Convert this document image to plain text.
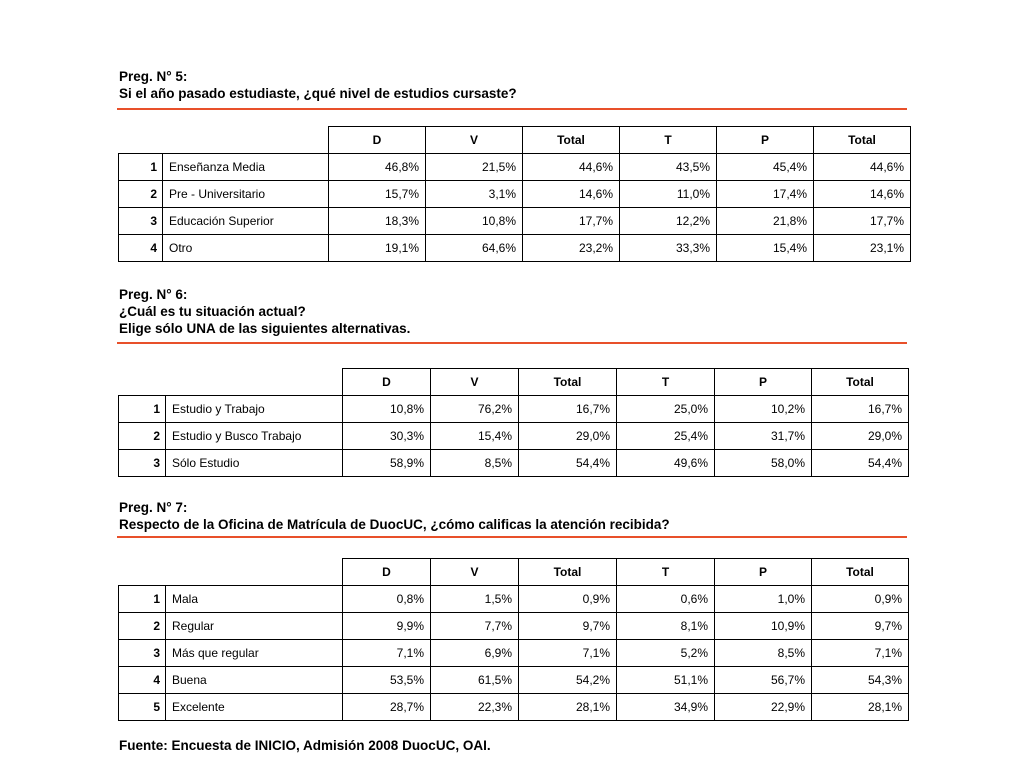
Preg. N° 5:
Si el año pasado estudiaste, ¿qué nivel de estudios cursaste?
		D	V	Total	T	P	Total
1	Enseñanza Media	46,8%	21,5%	44,6%	43,5%	45,4%	44,6%
2	Pre - Universitario	15,7%	3,1%	14,6%	11,0%	17,4%	14,6%
3	Educación Superior	18,3%	10,8%	17,7%	12,2%	21,8%	17,7%
4	Otro	19,1%	64,6%	23,2%	33,3%	15,4%	23,1%
Preg. N° 6:
¿Cuál es tu situación actual?
Elige sólo UNA de las siguientes alternativas.
		D	V	Total	T	P	Total
1	Estudio y Trabajo	10,8%	76,2%	16,7%	25,0%	10,2%	16,7%
2	Estudio y Busco Trabajo	30,3%	15,4%	29,0%	25,4%	31,7%	29,0%
3	Sólo Estudio	58,9%	8,5%	54,4%	49,6%	58,0%	54,4%
Preg. N° 7:
Respecto de la Oficina de Matrícula de DuocUC, ¿cómo calificas la atención recibida?
		D	V	Total	T	P	Total
1	Mala	0,8%	1,5%	0,9%	0,6%	1,0%	0,9%
2	Regular	9,9%	7,7%	9,7%	8,1%	10,9%	9,7%
3	Más que regular	7,1%	6,9%	7,1%	5,2%	8,5%	7,1%
4	Buena	53,5%	61,5%	54,2%	51,1%	56,7%	54,3%
5	Excelente	28,7%	22,3%	28,1%	34,9%	22,9%	28,1%
Fuente: Encuesta de INICIO, Admisión 2008 DuocUC, OAI.
